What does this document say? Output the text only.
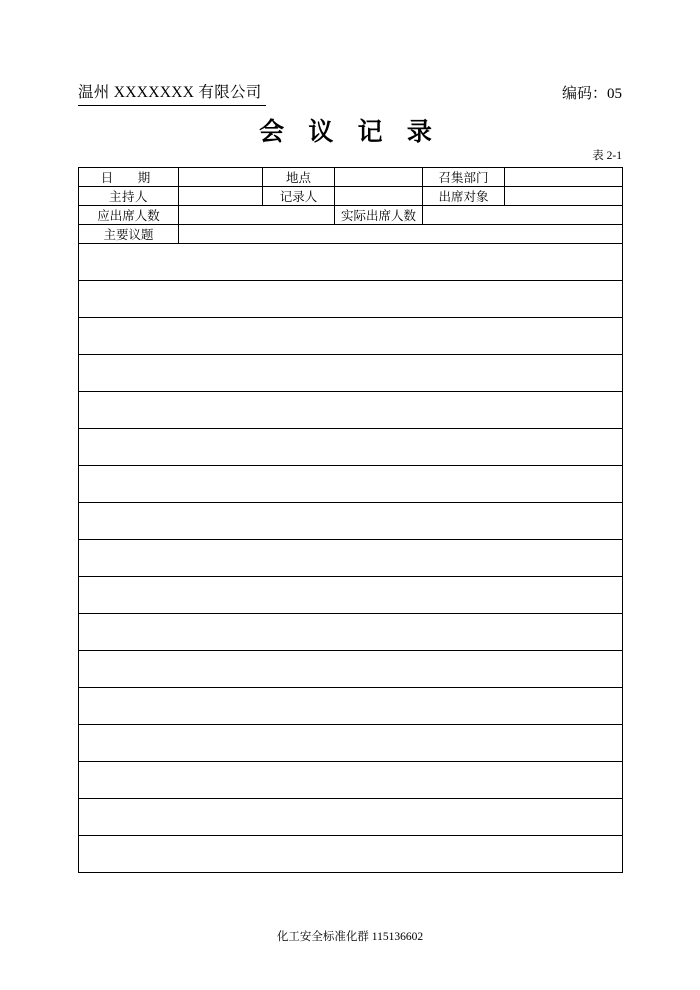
温州 XXXXXXX 有限公司	编码：05
会 议 记 录
表 2-1
日　期		地点		召集部门	
主持人		记录人		出席对象	
应出席人数			实际出席人数		
主要议题					

化工安全标准化群 115136602
